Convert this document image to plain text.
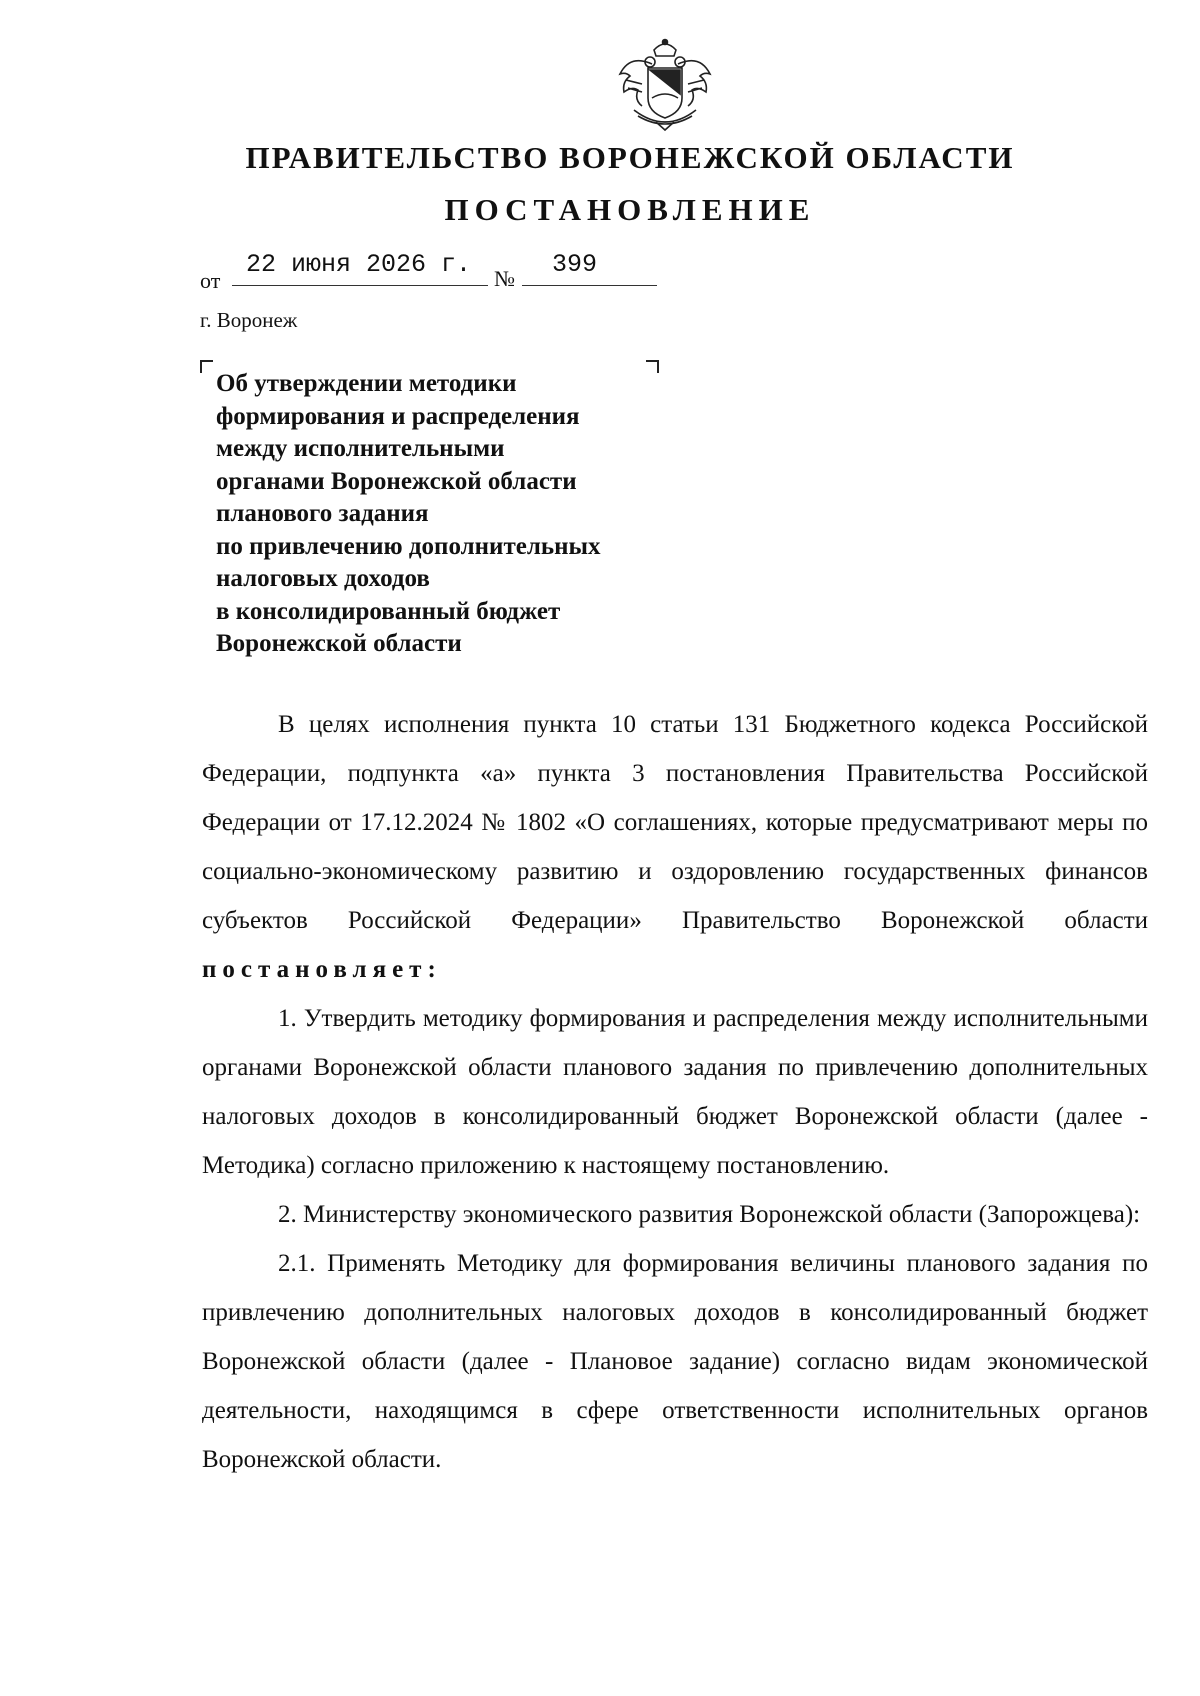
ПРАВИТЕЛЬСТВО ВОРОНЕЖСКОЙ ОБЛАСТИ
ПОСТАНОВЛЕНИЕ
от
22 июня 2026 г. № 399
г. Воронеж
Об утверждении методики
формирования и распределения
между исполнительными
органами Воронежской области
планового задания
по привлечению дополнительных
налоговых доходов
в консолидированный бюджет
Воронежской области

В целях исполнения пункта 10 статьи 131 Бюджетного кодекса Российской Федерации, подпункта «а» пункта 3 постановления Правительства Российской Федерации от 17.12.2024 № 1802 «О соглашениях, которые предусматривают меры по социально-экономическому развитию и оздоровлению государственных финансов субъектов Российской Федерации» Правительство Воронежской области постановляет:

1. Утвердить методику формирования и распределения между исполнительными органами Воронежской области планового задания по привлечению дополнительных налоговых доходов в консолидированный бюджет Воронежской области (далее - Методика) согласно приложению к настоящему постановлению.

2. Министерству экономического развития Воронежской области (Запорожцева):

2.1. Применять Методику для формирования величины планового задания по привлечению дополнительных налоговых доходов в консолидированный бюджет Воронежской области (далее - Плановое задание) согласно видам экономической деятельности, находящимся в сфере ответственности исполнительных органов Воронежской области.
